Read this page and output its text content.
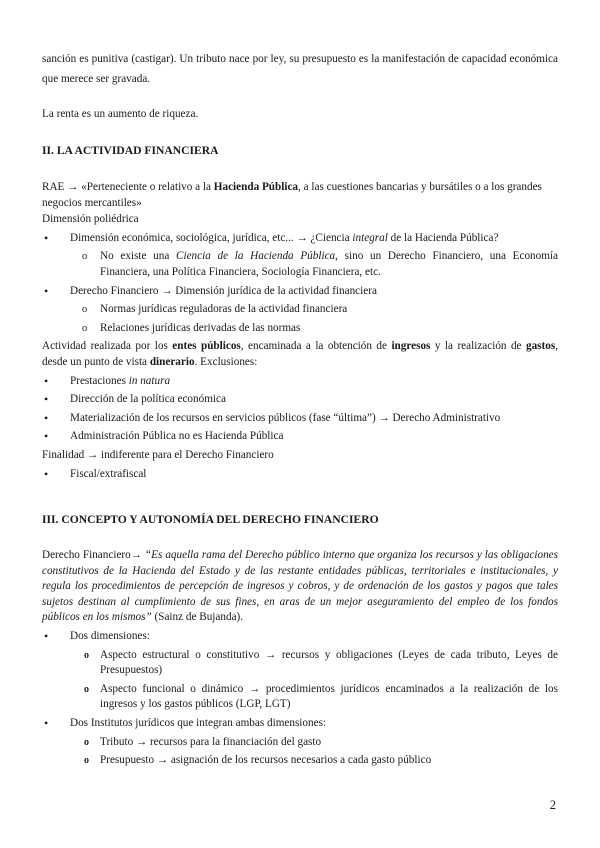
sanción es punitiva (castigar). Un tributo nace por ley, su presupuesto es la manifestación de capacidad económica que merece ser gravada.

La renta es un aumento de riqueza.

II. LA ACTIVIDAD FINANCIERA
RAE → «Perteneciente o relativo a la Hacienda Pública, a las cuestiones bancarias y bursátiles o a los grandes negocios mercantiles»
Dimensión poliédrica
• Dimensión económica, sociológica, jurídica, etc... → ¿Ciencia integral de la Hacienda Pública?
o No existe una Ciencia de la Hacienda Pública, sino un Derecho Financiero, una Economía Financiera, una Política Financiera, Sociología Financiera, etc.
• Derecho Financiero → Dimensión jurídica de la actividad financiera
o Normas jurídicas reguladoras de la actividad financiera
o Relaciones jurídicas derivadas de las normas
Actividad realizada por los entes públicos, encaminada a la obtención de ingresos y la realización de gastos, desde un punto de vista dinerario. Exclusiones:
• Prestaciones in natura
• Dirección de la política económica
• Materialización de los recursos en servicios públicos (fase “última”) → Derecho Administrativo
• Administración Pública no es Hacienda Pública
Finalidad → indiferente para el Derecho Financiero
• Fiscal/extrafiscal
III. CONCEPTO Y AUTONOMÍA DEL DERECHO FINANCIERO
Derecho Financiero→ “Es aquella rama del Derecho público interno que organiza los recursos y las obligaciones constitutivos de la Hacienda del Estado y de las restante entidades públicas, territoriales e institucionales, y regula los procedimientos de percepción de ingresos y cobros, y de ordenación de los gastos y pagos que tales sujetos destinan al cumplimiento de sus fines, en aras de un mejor aseguramiento del empleo de los fondos públicos en los mismos” (Sainz de Bujanda).
• Dos dimensiones:
o Aspecto estructural o constitutivo → recursos y obligaciones (Leyes de cada tributo, Leyes de Presupuestos)
o Aspecto funcional o dinámico → procedimientos jurídicos encaminados a la realización de los ingresos y los gastos públicos (LGP, LGT)
• Dos Institutos jurídicos que integran ambas dimensiones:
o Tributo → recursos para la financiación del gasto
o Presupuesto → asignación de los recursos necesarios a cada gasto público
2
